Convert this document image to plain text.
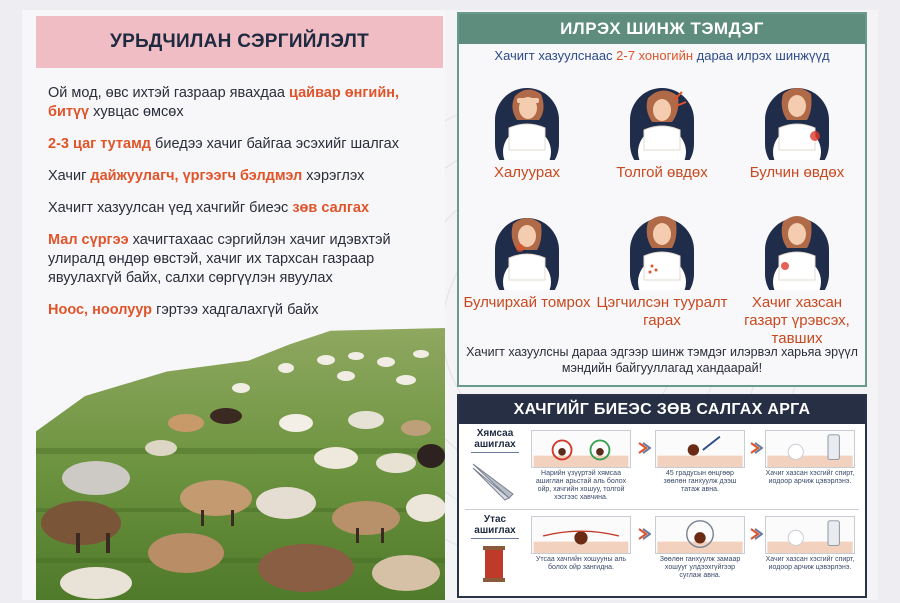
УРЬДЧИЛАН СЭРГИЙЛЭЛТ

Ой мод, өвс ихтэй газраар явахдаа цайвар өнгийн, битүү хувцас өмсөх

2-3 цаг тутамд биедээ хачиг байгаа эсэхийг шалгах

Хачиг дайжуулагч, үргээгч бэлдмэл хэрэглэх

Хачигт хазуулсан үед хачгийг биеэс зөв салгах

Мал сүргээ хачигтахаас сэргийлэн хачиг идэвхтэй улиралд өндөр өвстэй, хачиг их тархсан газраар явуулахгүй байх, салхи сөргүүлэн явуулах

Ноос, ноолуур гэртээ хадгалахгүй байх

ИЛРЭХ ШИНЖ ТЭМДЭГ

Хачигт хазуулснаас 2-7 хоногийн дараа илрэх шинжүүд

Халуурах	Толгой өвдөх	Булчин өвдөх
Булчирхай томрох Цэгчилсэн тууралт гарах
Хачиг хазсан газарт үрэвсэх, тавших

Хачигт хазуулсны дараа эдгээр шинж тэмдэг илэрвэл харьяа эрүүл мэндийн байгууллагад хандаарай!

ХАЧГИЙГ БИЕЭС ЗӨВ САЛГАХ АРГА
Хямсаа ашиглах

Нарийн үзүүртэй хямсаа ашиглан арьстай аль болох ойр, хачгийн хошуу, толгой хэсгээс хавчина.

45 градусын өнцгөөр зөөлөн ганхуулж дээш татаж авна.

Хачиг хазсан хэсгийг спирт, иодоор арчиж цэвэрлэнэ.

Утас ашиглах

Утсаа хачгийн хошууны аль болох ойр зангидна.

Зөөлөн ганхуулж замаар хошууг улдээхгүйгээр суглаж авна.

Хачиг хазсан хэсгийг спирт, иодоор арчиж цэвэрлэнэ.
